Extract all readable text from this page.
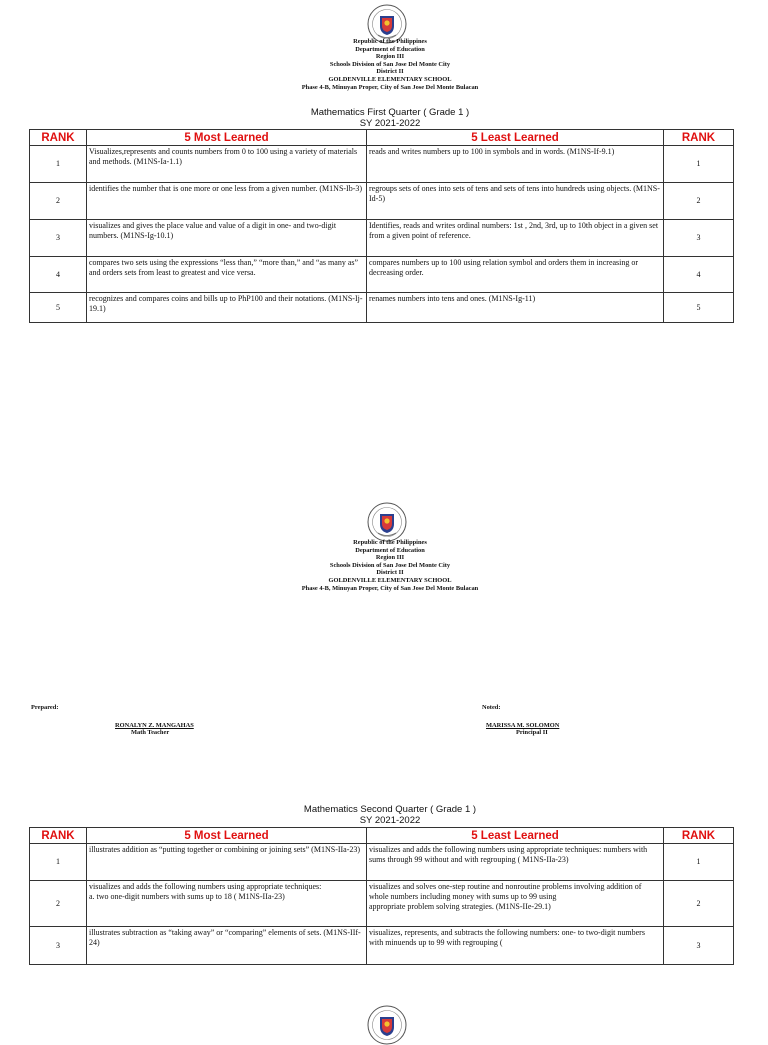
Republic of the Philippines
Department of Education
Region III
Schools Division of San Jose Del Monte City
District II
GOLDENVILLE ELEMENTARY SCHOOL
Phase 4-B, Minuyan Proper, City of San Jose Del Monte Bulacan
Mathematics First Quarter ( Grade 1 )
SY 2021-2022
RANK	5 Most Learned	5 Least Learned	RANK
1	Visualizes,represents and counts numbers from 0 to 100 using a variety of materials and methods. (M1NS-Ia-1.1)	reads and writes numbers up to 100 in symbols and in words. (M1NS-If-9.1)	1
2	identifies the number that is one more or one less from a given number. (M1NS-Ib-3)	regroups sets of ones into sets of tens and sets of tens into hundreds using objects. (M1NS- Id-5)	2
3	visualizes and gives the place value and value of a digit in one- and two-digit numbers. (M1NS-Ig-10.1)	Identifies, reads and writes ordinal numbers: 1st , 2nd, 3rd, up to 10th object in a given set from a given point of reference.	3
4	compares two sets using the expressions “less than,” “more than,” and “as many as” and orders sets from least to greatest and vice versa.	compares numbers up to 100 using relation symbol and orders them in increasing or decreasing order.	4
5	recognizes and compares coins and bills up to PhP100 and their notations. (M1NS-Ij-19.1)	renames numbers into tens and ones. (M1NS-Ig-11)	5
Republic of the Philippines
Department of Education
Region III
Schools Division of San Jose Del Monte City
District II
GOLDENVILLE ELEMENTARY SCHOOL
Phase 4-B, Minuyan Proper, City of San Jose Del Monte Bulacan
Prepared:
RONALYN Z. MANGAHAS
Math Teacher
Noted:
MARISSA M. SOLOMON
Principal II
Mathematics Second Quarter ( Grade 1 )
SY 2021-2022
RANK	5 Most Learned	5 Least Learned	RANK
1	illustrates addition as “putting together or combining or joining sets” (M1NS-IIa-23)	visualizes and adds the following numbers using appropriate techniques: numbers with sums through 99 without and with regrouping ( M1NS-IIa-23)	1
2	visualizes and adds the following numbers using appropriate techniques:
a. two one-digit numbers with sums up to 18 ( M1NS-IIa-23)	visualizes and solves one-step routine and nonroutine problems involving addition of whole numbers including money with sums up to 99 using
appropriate problem solving strategies. (M1NS-IIe-29.1)	2
3	illustrates subtraction as “taking away” or “comparing” elements of sets. (M1NS-IIf-24)	visualizes, represents, and subtracts the following numbers: one- to two-digit numbers with minuends up to 99 with regrouping (	3
